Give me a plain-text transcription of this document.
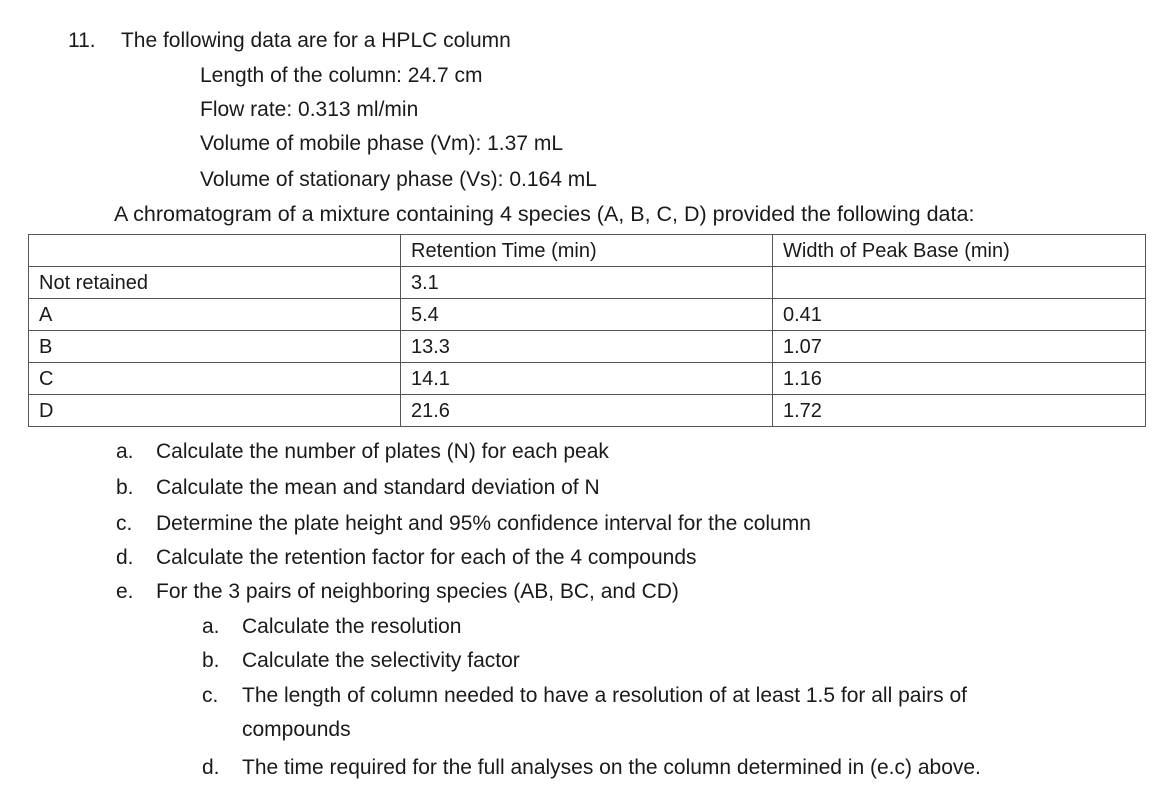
11. The following data are for a HPLC column
Length of the column: 24.7 cm
Flow rate: 0.313 ml/min
Volume of mobile phase (Vm): 1.37 mL
Volume of stationary phase (Vs): 0.164 mL
A chromatogram of a mixture containing 4 species (A, B, C, D) provided the following data:
	Retention Time (min)	Width of Peak Base (min)
Not retained	3.1	
A	5.4	0.41
B	13.3	1.07
C	14.1	1.16
D	21.6	1.72
a. Calculate the number of plates (N) for each peak
b. Calculate the mean and standard deviation of N
c. Determine the plate height and 95% confidence interval for the column
d. Calculate the retention factor for each of the 4 compounds
e. For the 3 pairs of neighboring species (AB, BC, and CD)
a. Calculate the resolution
b. Calculate the selectivity factor
c. The length of column needed to have a resolution of at least 1.5 for all pairs of
compounds
d. The time required for the full analyses on the column determined in (e.c) above.
